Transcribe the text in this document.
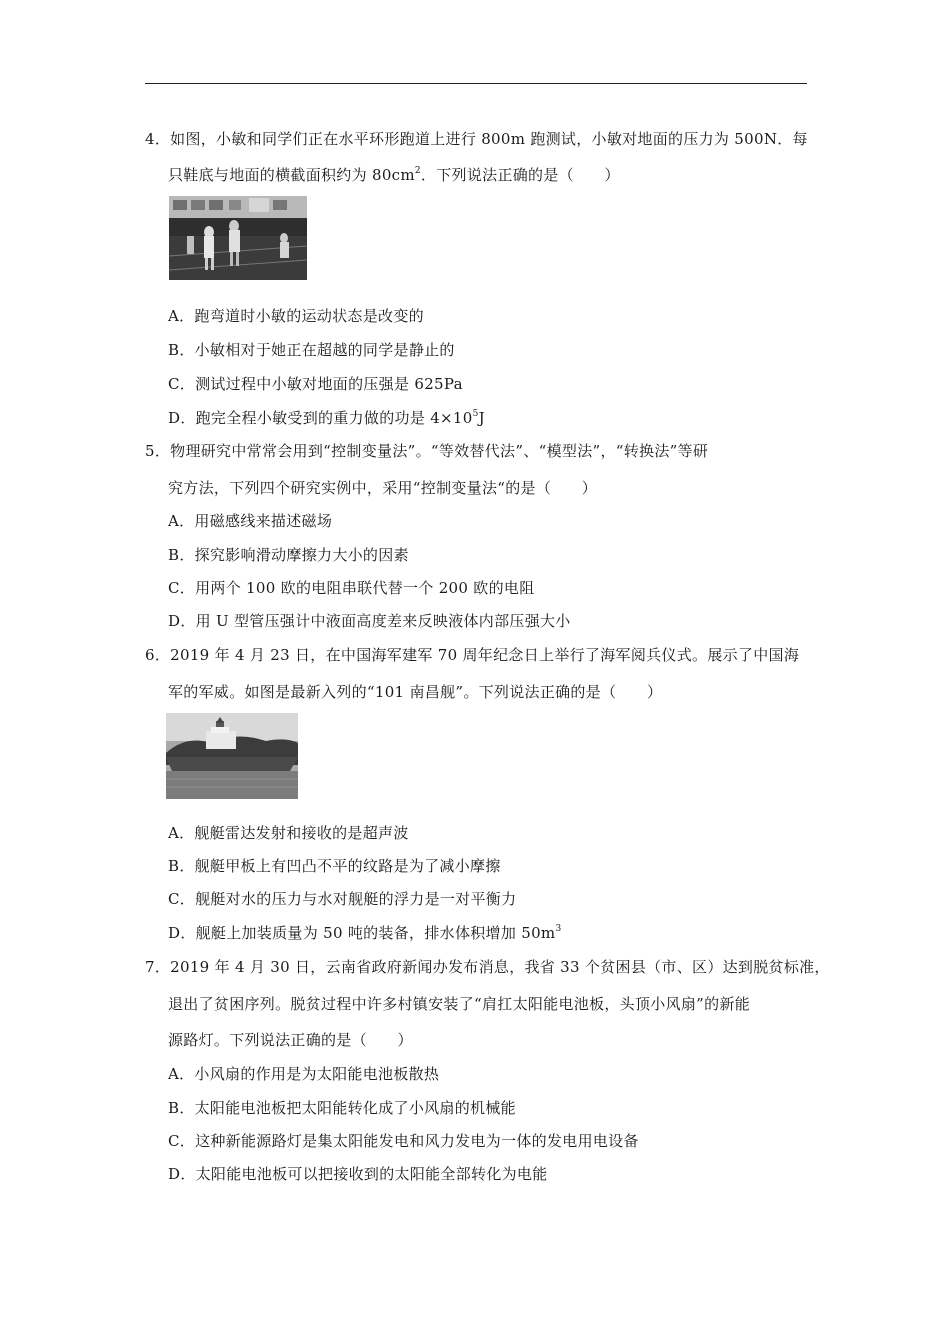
4．如图，小敏和同学们正在水平环形跑道上进行 800m 跑测试，小敏对地面的压力为 500N．每
只鞋底与地面的横截面积约为 $80cm^2$．下列说法正确的是（　　）
A．跑弯道时小敏的运动状态是改变的
B．小敏相对于她正在超越的同学是静止的
C．测试过程中小敏对地面的压强是 625Pa
D．跑完全程小敏受到的重力做的功是 $4\times 10^5J$
5．物理研究中常常会用到“控制变量法”。“等效替代法”、“模型法”，“转换法”等研
究方法，下列四个研究实例中，采用“控制变量法“的是（　　）
A．用磁感线来描述磁场
B．探究影响滑动摩擦力大小的因素
C．用两个 100 欧的电阻串联代替一个 200 欧的电阻
D．用 U 型管压强计中液面高度差来反映液体内部压强大小
6．2019 年 4 月 23 日，在中国海军建军 70 周年纪念日上举行了海军阅兵仪式。展示了中国海
军的军威。如图是最新入列的“101 南昌舰”。下列说法正确的是（　　）
A．舰艇雷达发射和接收的是超声波
B．舰艇甲板上有凹凸不平的纹路是为了减小摩擦
C．舰艇对水的压力与水对舰艇的浮力是一对平衡力
D．舰艇上加装质量为 50 吨的装备，排水体积增加 $50m^3$
7．2019 年 4 月 30 日，云南省政府新闻办发布消息，我省 33 个贫困县（市、区）达到脱贫标准，
退出了贫困序列。脱贫过程中许多村镇安装了“肩扛太阳能电池板，头顶小风扇”的新能
源路灯。下列说法正确的是（　　）
A．小风扇的作用是为太阳能电池板散热
B．太阳能电池板把太阳能转化成了小风扇的机械能
C．这种新能源路灯是集太阳能发电和风力发电为一体的发电用电设备
D．太阳能电池板可以把接收到的太阳能全部转化为电能
